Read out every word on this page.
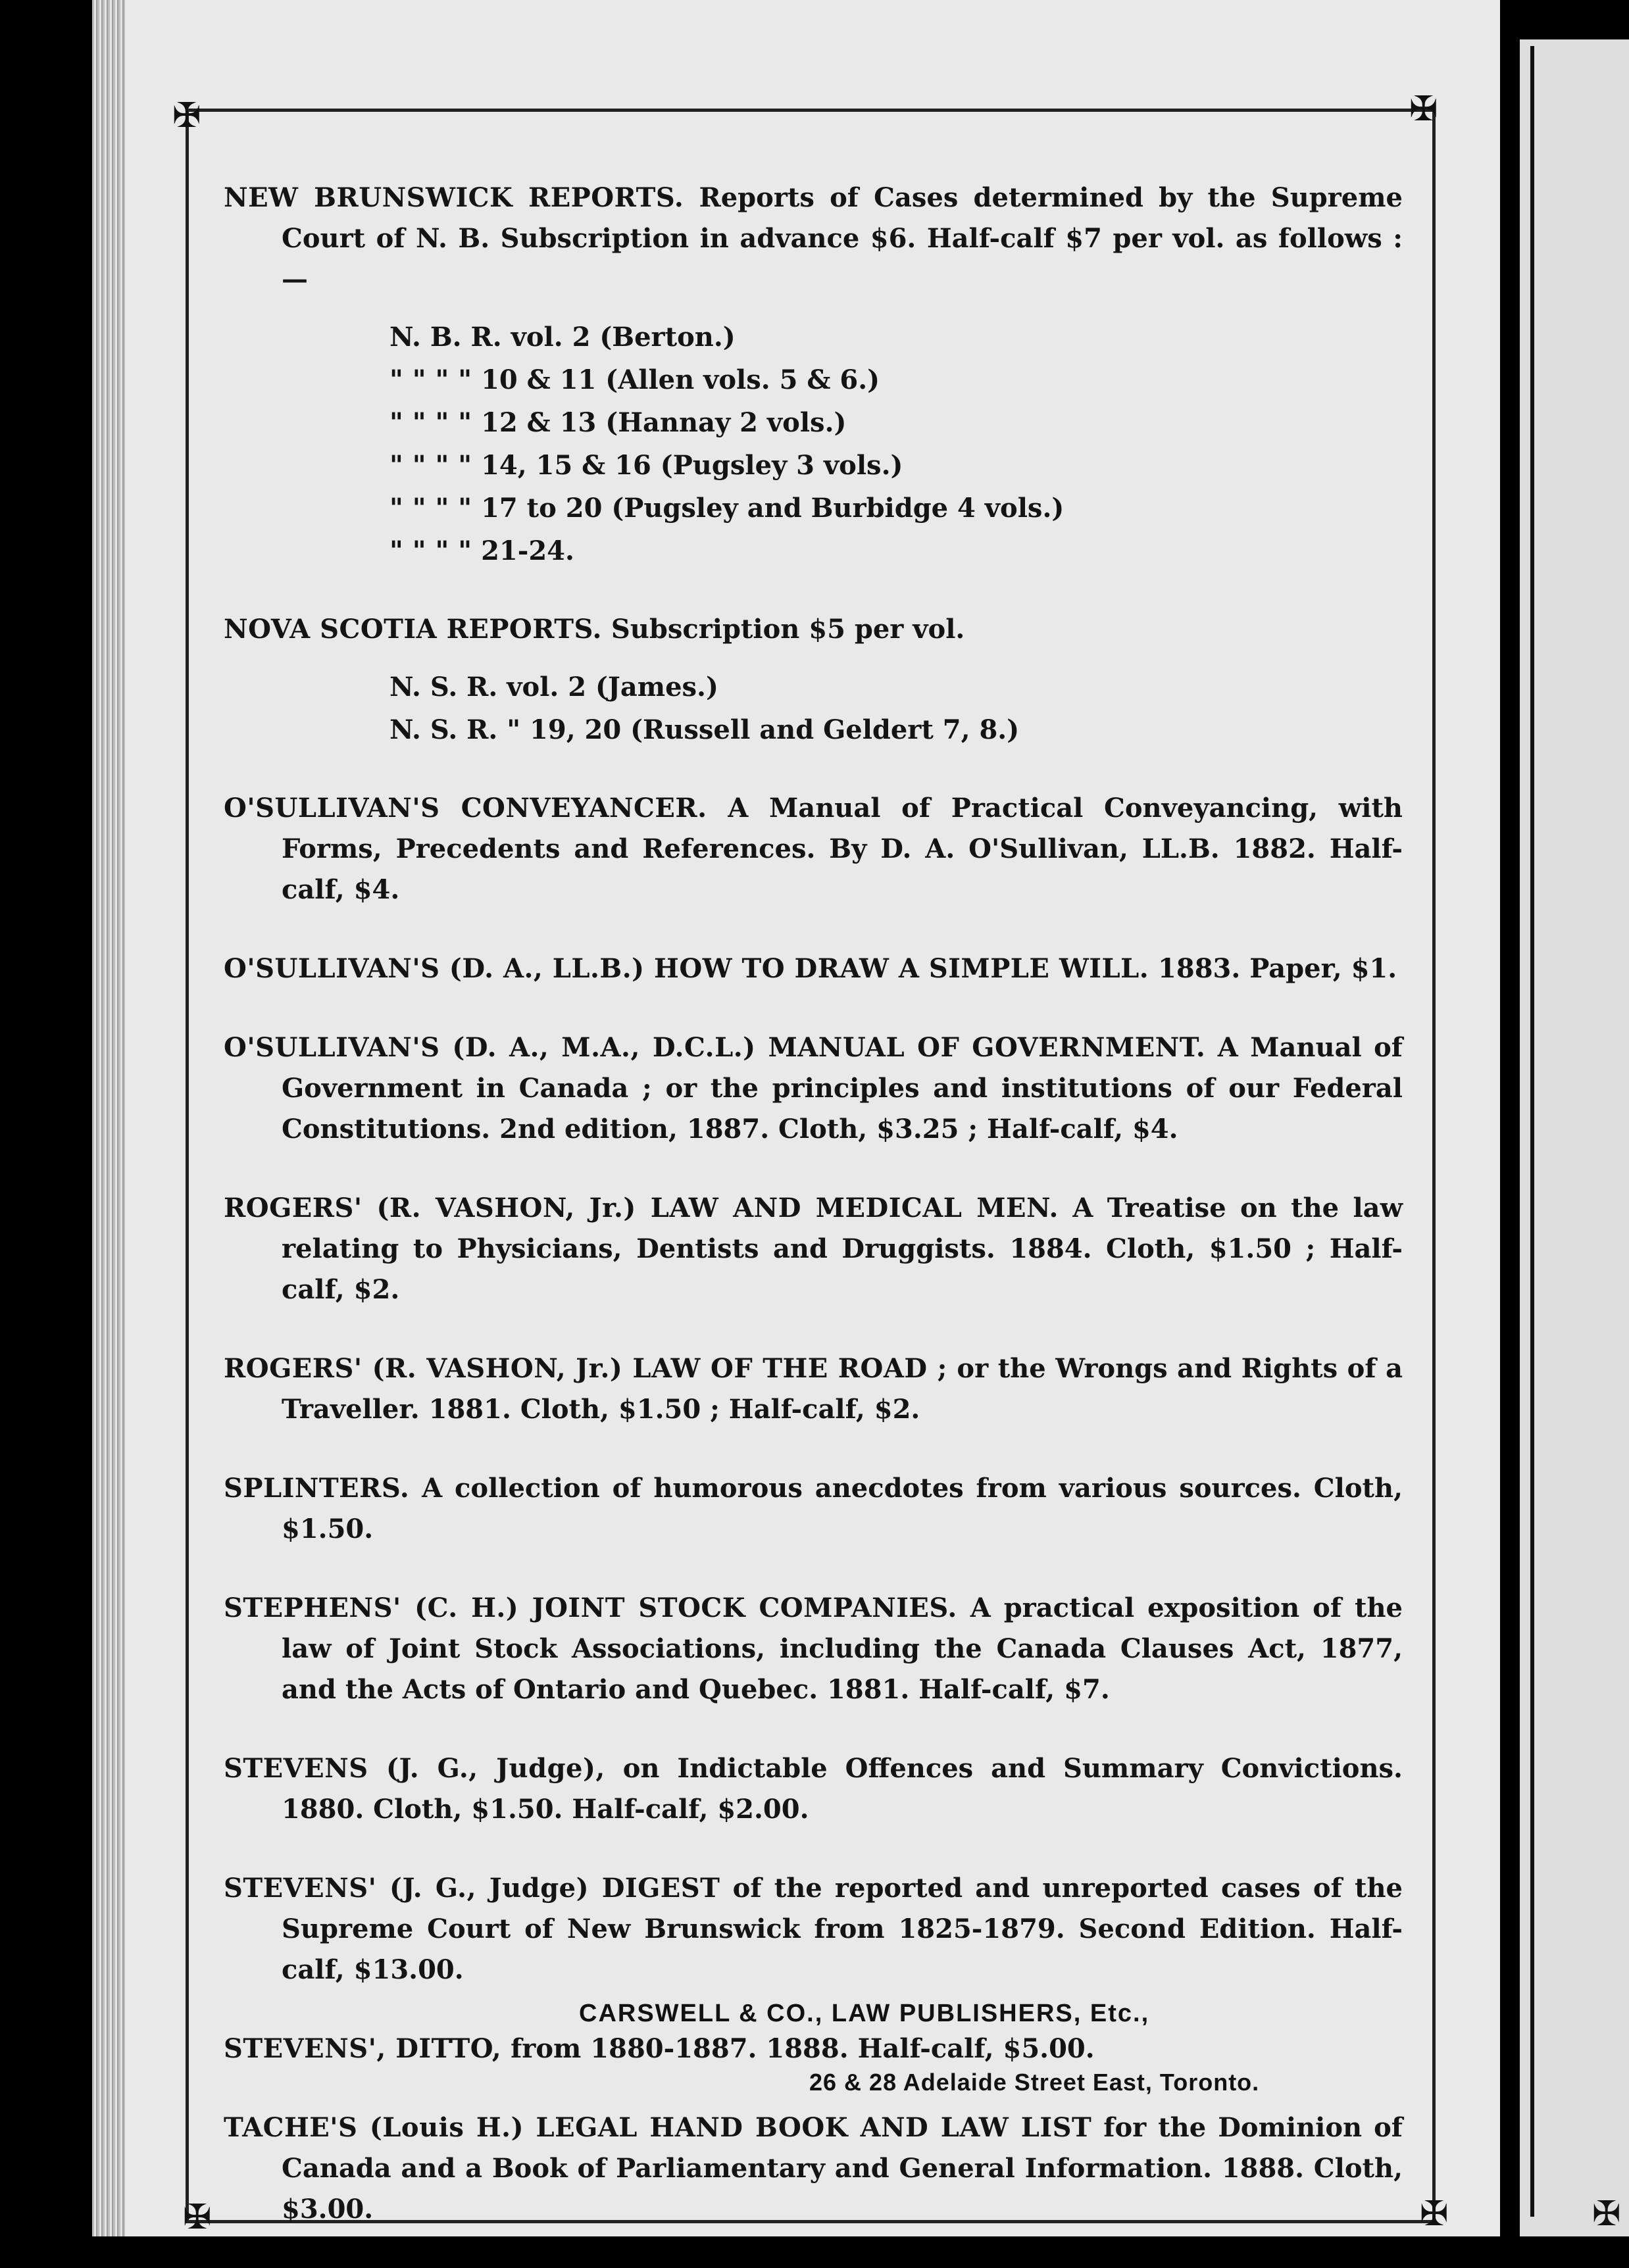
✠	✠
✠	✠	✠
NEW BRUNSWICK REPORTS. Reports of Cases determined by the Supreme Court of N. B. Subscription in advance $6. Half-calf $7 per vol. as follows :—
N. B. R. vol. 2 (Berton.)
" " " " 10 & 11 (Allen vols. 5 & 6.)
" " " " 12 & 13 (Hannay 2 vols.)
" " " " 14, 15 & 16 (Pugsley 3 vols.)
" " " " 17 to 20 (Pugsley and Burbidge 4 vols.)
" " " " 21-24.
NOVA SCOTIA REPORTS. Subscription $5 per vol.
N. S. R. vol. 2 (James.)
N. S. R. " 19, 20 (Russell and Geldert 7, 8.)
O'SULLIVAN'S CONVEYANCER. A Manual of Practical Conveyancing, with Forms, Precedents and References. By D. A. O'Sullivan, LL.B. 1882. Half-calf, $4.
O'SULLIVAN'S (D. A., LL.B.) HOW TO DRAW A SIMPLE WILL. 1883. Paper, $1.
O'SULLIVAN'S (D. A., M.A., D.C.L.) MANUAL OF GOVERNMENT. A Manual of Government in Canada ; or the principles and institutions of our Federal Constitutions. 2nd edition, 1887. Cloth, $3.25 ; Half-calf, $4.
ROGERS' (R. VASHON, Jr.) LAW AND MEDICAL MEN. A Treatise on the law relating to Physicians, Dentists and Druggists. 1884. Cloth, $1.50 ; Half-calf, $2.
ROGERS' (R. VASHON, Jr.) LAW OF THE ROAD ; or the Wrongs and Rights of a Traveller. 1881. Cloth, $1.50 ; Half-calf, $2.
SPLINTERS. A collection of humorous anecdotes from various sources. Cloth, $1.50.
STEPHENS' (C. H.) JOINT STOCK COMPANIES. A practical exposition of the law of Joint Stock Associations, including the Canada Clauses Act, 1877, and the Acts of Ontario and Quebec. 1881. Half-calf, $7.
STEVENS (J. G., Judge), on Indictable Offences and Summary Convictions. 1880. Cloth, $1.50. Half-calf, $2.00.
STEVENS' (J. G., Judge) DIGEST of the reported and unreported cases of the Supreme Court of New Brunswick from 1825-1879. Second Edition. Half-calf, $13.00.
STEVENS', DITTO, from 1880-1887. 1888. Half-calf, $5.00.
TACHE'S (Louis H.) LEGAL HAND BOOK AND LAW LIST for the Dominion of Canada and a Book of Parliamentary and General Information. 1888. Cloth, $3.00.
CARSWELL & CO., LAW PUBLISHERS, Etc.,
26 & 28 Adelaide Street East, Toronto.
